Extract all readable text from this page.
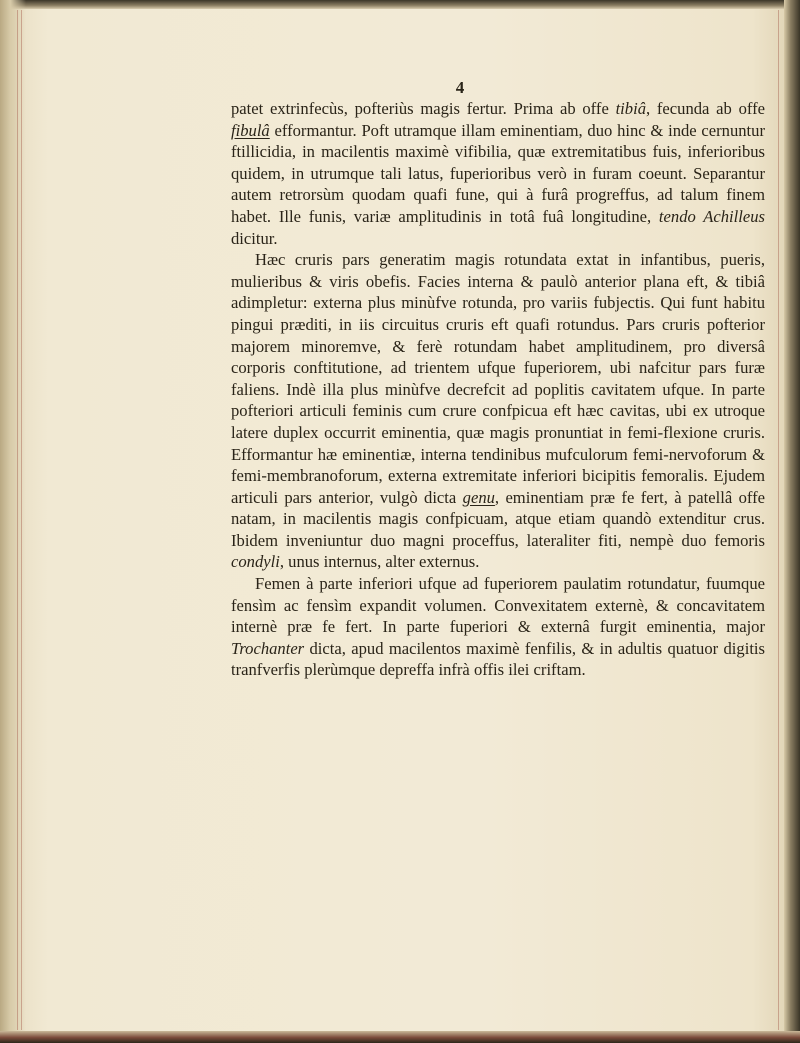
4

patet extrinfecùs, pofteriùs magis fertur. Prima ab offe tibiâ, fecunda ab offe fibulâ efformantur. Poft utramque illam eminentiam, duo hinc & inde cernuntur ftillicidia, in macilentis maximè vifibilia, quæ extremitatibus fuis, inferioribus quidem, in utrumque tali latus, fuperioribus verò in furam coeunt. Separantur autem retrorsùm quodam quafi fune, qui à furâ progreffus, ad talum finem habet. Ille funis, variæ amplitudinis in totâ fuâ longitudine, tendo Achilleus dicitur.

Hæc cruris pars generatim magis rotundata extat in infantibus, pueris, mulieribus & viris obefis. Facies interna & paulò anterior plana eft, & tibiâ adimpletur: externa plus minùfve rotunda, pro variis fubjectis. Qui funt habitu pingui præditi, in iis circuitus cruris eft quafi rotundus. Pars cruris pofterior majorem minoremve, & ferè rotundam habet amplitudinem, pro diversâ corporis conftitutione, ad trientem ufque fuperiorem, ubi nafcitur pars furæ faliens. Indè illa plus minùfve decrefcit ad poplitis cavitatem ufque. In parte pofteriori articuli feminis cum crure confpicua eft hæc cavitas, ubi ex utroque latere duplex occurrit eminentia, quæ magis pronuntiat in femi-flexione cruris. Efformantur hæ eminentiæ, interna tendinibus mufculorum femi-nervoforum & femi-membranoforum, externa extremitate inferiori bicipitis femoralis. Ejudem articuli pars anterior, vulgò dicta genu, eminentiam præ fe fert, à patellâ offe natam, in macilentis magis confpicuam, atque etiam quandò extenditur crus. Ibidem inveniuntur duo magni proceffus, lateraliter fiti, nempè duo femoris condyli, unus internus, alter externus.

Femen à parte inferiori ufque ad fuperiorem paulatim rotundatur, fuumque fensìm ac fensìm expandit volumen. Convexitatem externè, & concavitatem internè præ fe fert. In parte fuperiori & externâ furgit eminentia, major Trochanter dicta, apud macilentos maximè fenfilis, & in adultis quatuor digitis tranfverfis plerùmque depreffa infrà offis ilei criftam.
